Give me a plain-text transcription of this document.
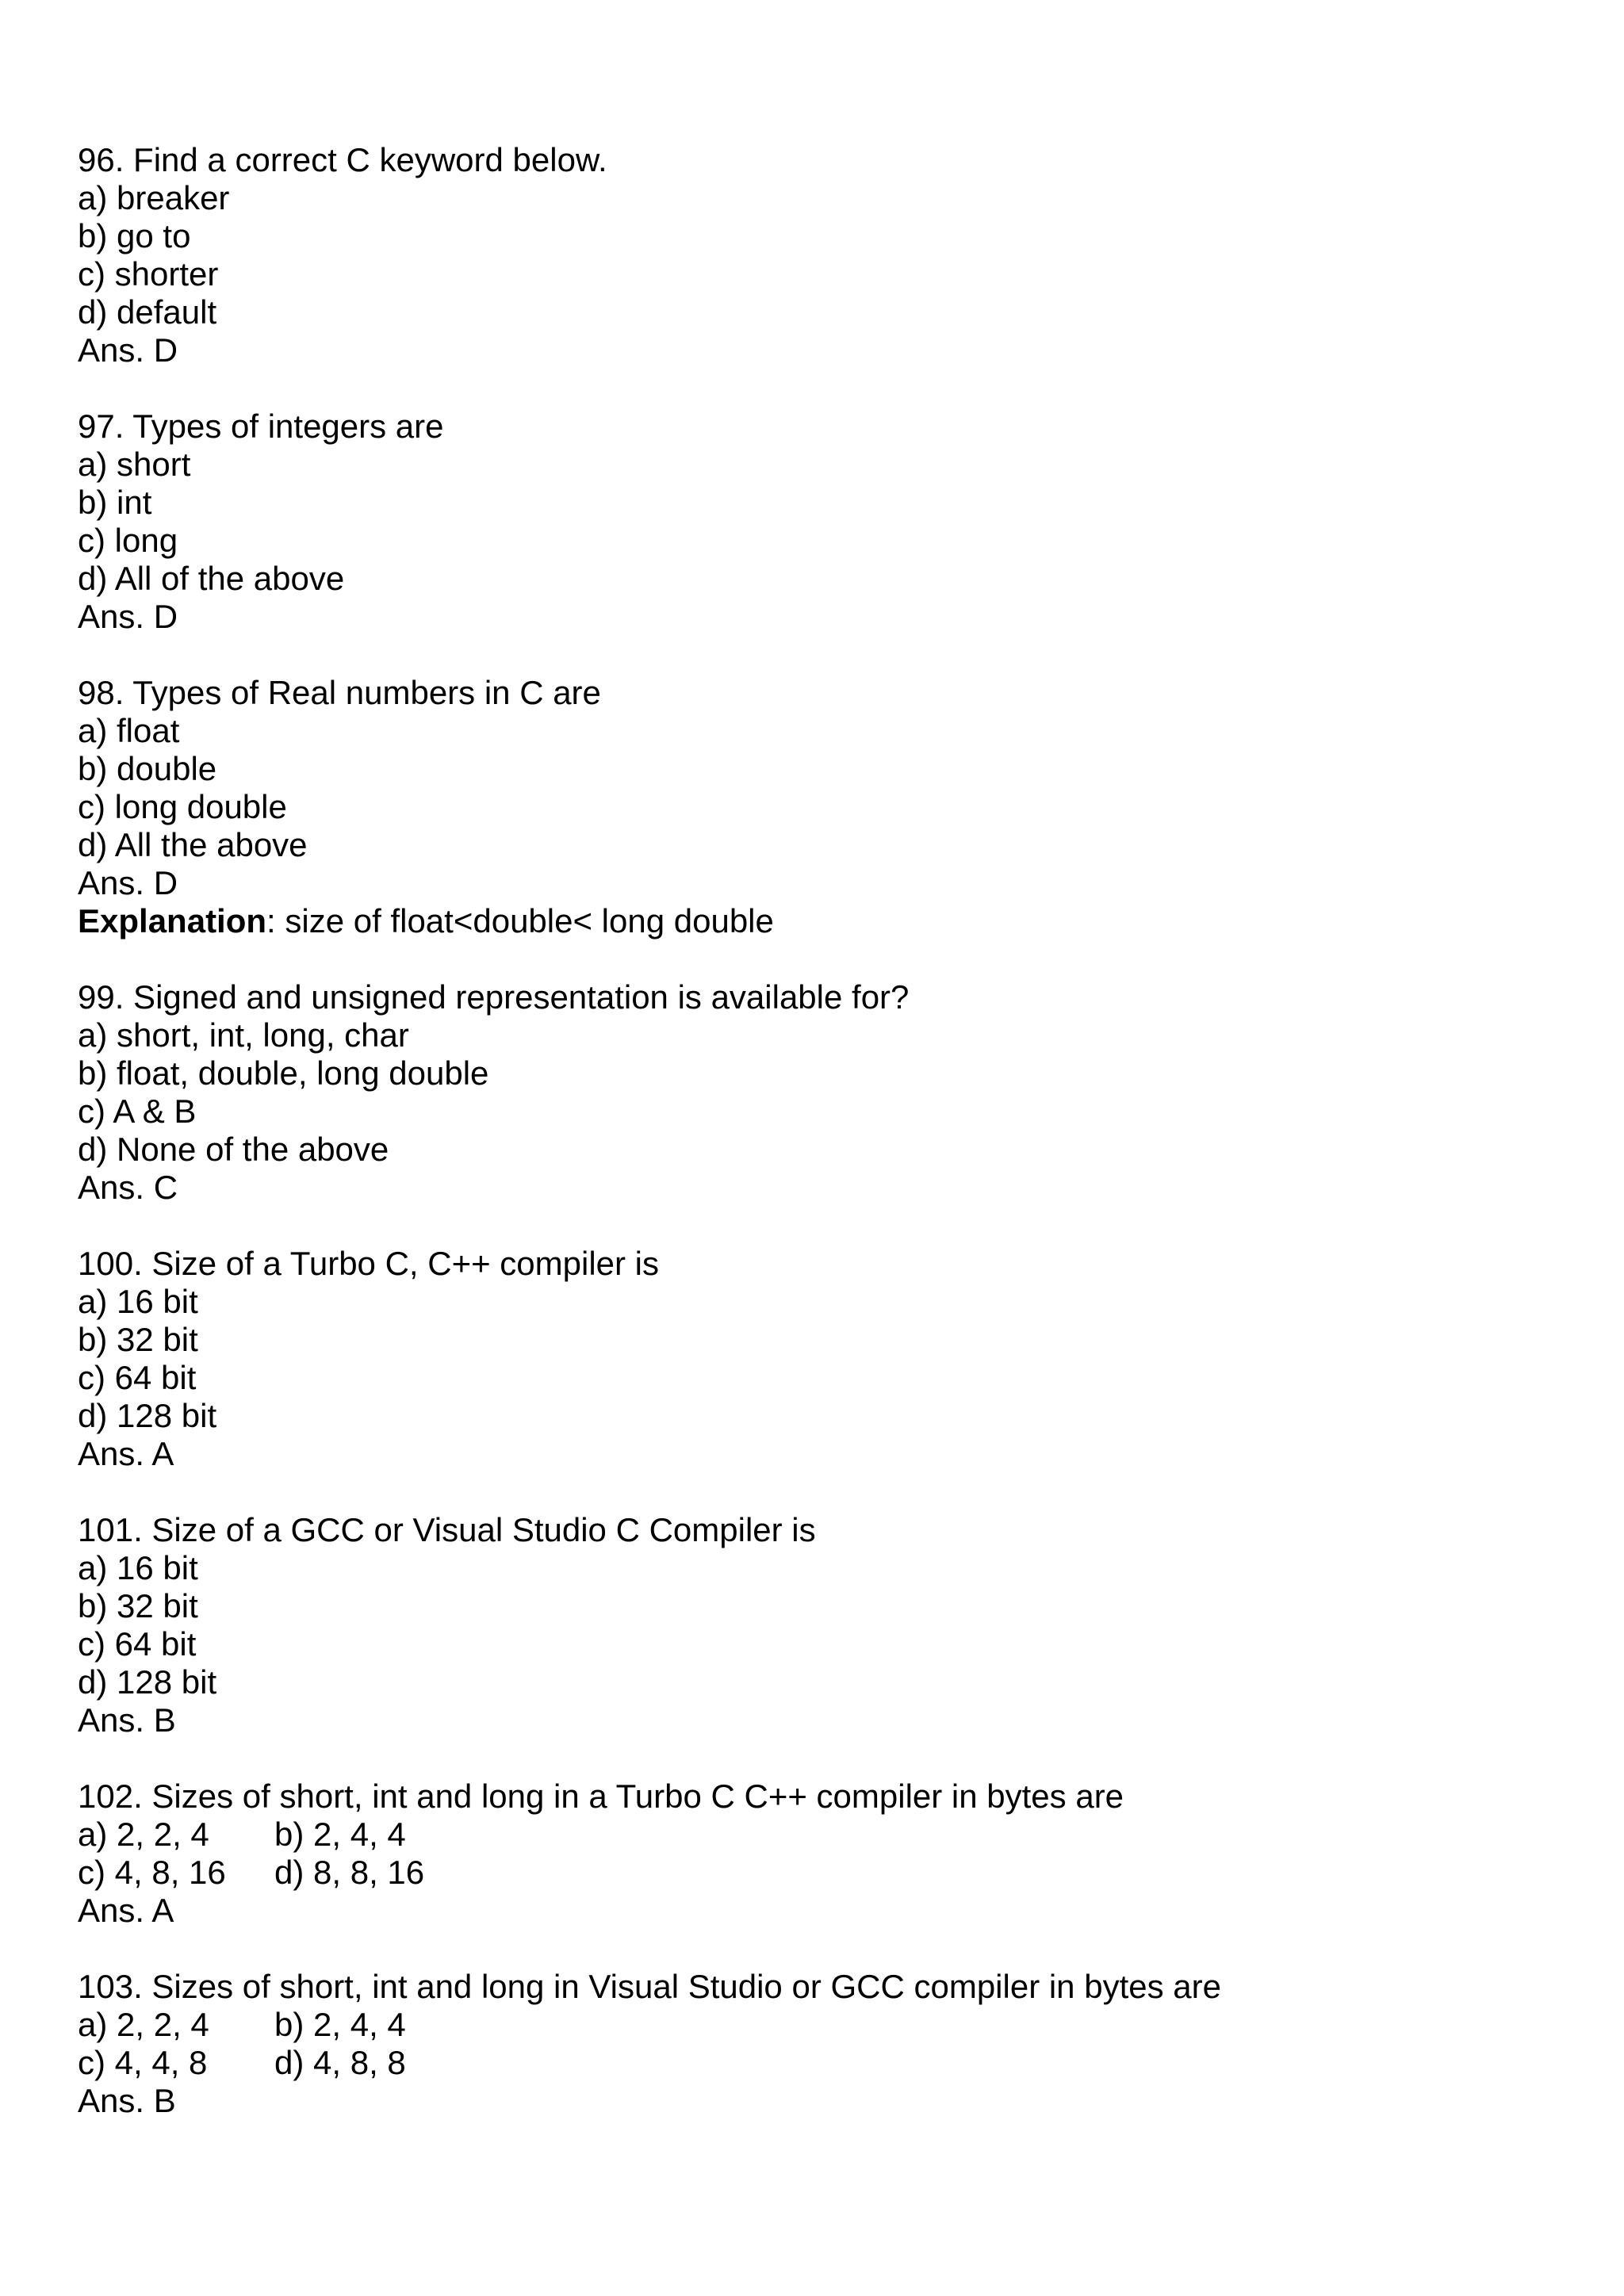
96. Find a correct C keyword below.
a) breaker
b) go to
c) shorter
d) default
Ans. D
97. Types of integers are
a) short
b) int
c) long
d) All of the above
Ans. D
98. Types of Real numbers in C are
a) float
b) double
c) long double
d) All the above
Ans. D
Explanation: size of float<double< long double
99. Signed and unsigned representation is available for?
a) short, int, long, char
b) float, double, long double
c) A & B
d) None of the above
Ans. C
100. Size of a Turbo C, C++ compiler is
a) 16 bit
b) 32 bit
c) 64 bit
d) 128 bit
Ans. A
101. Size of a GCC or Visual Studio C Compiler is
a) 16 bit
b) 32 bit
c) 64 bit
d) 128 bit
Ans. B
102. Sizes of short, int and long in a Turbo C C++ compiler in bytes are
a) 2, 2, 4 b) 2, 4, 4
c) 4, 8, 16 d) 8, 8, 16
Ans. A
103. Sizes of short, int and long in Visual Studio or GCC compiler in bytes are
a) 2, 2, 4 b) 2, 4, 4
c) 4, 4, 8 d) 4, 8, 8
Ans. B
